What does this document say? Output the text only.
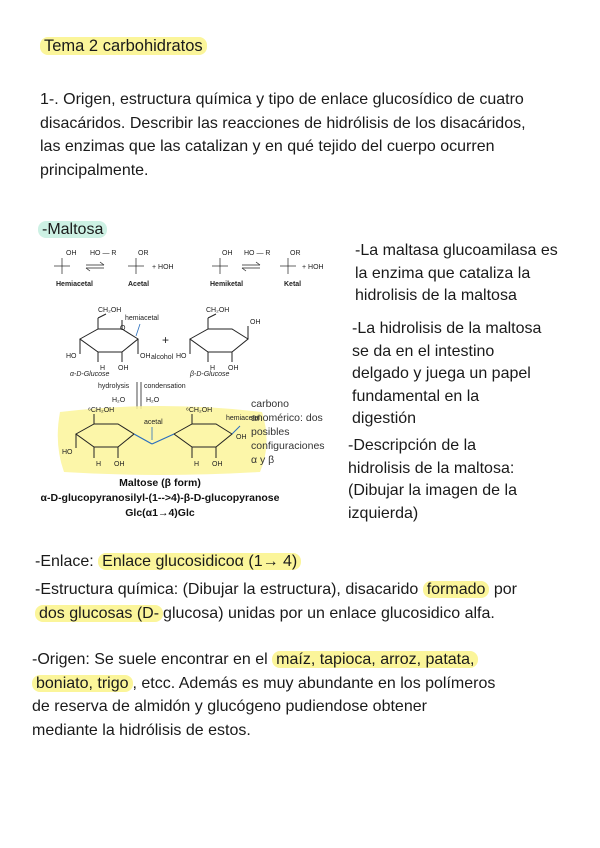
Tema 2 carbohidratos
1-. Origen, estructura química y tipo de enlace glucosídico de cuatro
disacáridos. Describir las reacciones de hidrólisis de los disacáridos,
las enzimas que las catalizan y en qué tejido del cuerpo ocurren
principalmente.
-Maltosa
OH HO — R	OR
+ HOH
OH HO — R	OR
+ HOH
Hemiacetal	Acetal	Hemiketal	Ketal
CH₂OH
HO	OH
H OH
O
hemiacetal
+
alcohol
CH₂OH
HO
OH
H OH
α-D-Glucose	β-D-Glucose
hydrolysis condensation
H₂O	H₂O
⁶CH₂OH	⁶CH₂OH
HO
H OH	H OH
OH
acetal
hemiacetal
carbono
anomérico: dos
posibles
configuraciones
α y β
Maltose (β form)
α-D-glucopyranosilyl-(1-->4)-β-D-glucopyranose
Glc(α1→4)Glc
-La maltasa glucoamilasa es
la enzima que cataliza la
hidrolisis de la maltosa
-La hidrolisis de la maltosa
se da en el intestino
delgado y juega un papel
fundamental en la
digestión
-Descripción de la
hidrolisis de la maltosa:
(Dibujar la imagen de la
izquierda)
-Enlace: Enlace glucosidicoα (1→ 4)
-Estructura química: (Dibujar la estructura), disacarido formado por
dos glucosas (D- glucosa) unidas por un enlace glucosidico alfa.
-Origen: Se suele encontrar en el maíz, tapioca, arroz, patata,
boniato, trigo , etcc. Además es muy abundante en los polímeros
de reserva de almidón y glucógeno pudiendose obtener
mediante la hidrólisis de estos.
